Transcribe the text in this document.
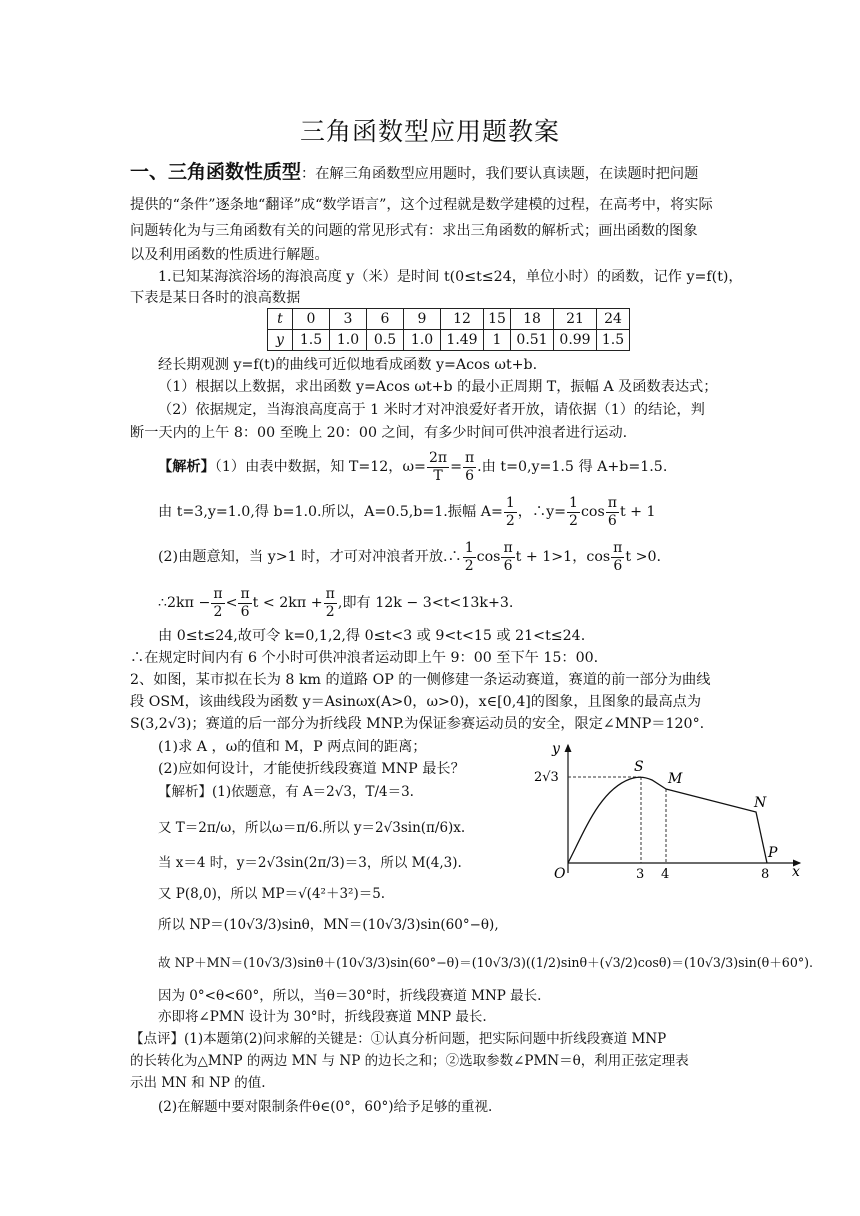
三角函数型应用题教案
一、三角函数性质型：在解三角函数型应用题时，我们要认真读题，在读题时把问题
提供的“条件”逐条地“翻译”成“数学语言”，这个过程就是数学建模的过程，在高考中，将实际
问题转化为与三角函数有关的问题的常见形式有：求出三角函数的解析式；画出函数的图象
以及利用函数的性质进行解题。
1.已知某海滨浴场的海浪高度 y（米）是时间 t(0≤t≤24，单位小时）的函数，记作 y=f(t)，
下表是某日各时的浪高数据
t	0	3	6	9	12	15	18	21	24
y	1.5	1.0	0.5	1.0	1.49	1	0.51	0.99	1.5
经长期观测 y=f(t)的曲线可近似地看成函数 y=Acos ωt+b.
（1）根据以上数据，求出函数 y=Acos ωt+b 的最小正周期 T，振幅 A 及函数表达式；
（2）依据规定，当海浪高度高于 1 米时才对冲浪爱好者开放，请依据（1）的结论，判
断一天内的上午 8：00 至晚上 20：00 之间，有多少时间可供冲浪者进行运动.
【解析】（1）由表中数据，知 T=12，$\omega= \frac{2\pi}{T} = \frac{\pi}{6}$ .由 t=0,y=1.5 得 A+b=1.5.
由 t=3,y=1.0,得 b=1.0.所以，A=0.5,b=1.振幅 $A= \frac{1}{2}$ ，∴y= $\frac{1}{2}$ $\cos \frac{\pi}{6}$ t + 1
(2)由题意知，当 y>1 时，才可对冲浪者开放.∴ $\frac{1}{2}$ $\cos \frac{\pi}{6}$ t + 1>1，$\cos \frac{\pi}{6}$ t >0.
∴2kπ − $\frac{\pi}{2} < \frac{\pi}{6}$ $t < 2k\pi + \frac{\pi}{2}$ ,即有 12k − 3<t<13k+3.
由 0≤t≤24,故可令 k=0,1,2,得 0≤t<3 或 9<t<15 或 21<t≤24.
∴在规定时间内有 6 个小时可供冲浪者运动即上午 9：00 至下午 15：00.
2、如图，某市拟在长为 8 km 的道路 OP 的一侧修建一条运动赛道，赛道的前一部分为曲线
段 OSM，该曲线段为函数 y＝Asinωx(A>0，ω>0)，x∈[0,4]的图象，且图象的最高点为
S(3,2√3)；赛道的后一部分为折线段 MNP.为保证参赛运动员的安全，限定∠MNP＝120°.
(1)求 A ，ω的值和 M，P 两点间的距离；
(2)应如何设计，才能使折线段赛道 MNP 最长？
【解析】(1)依题意，有 A＝2√3，T/4＝3.
又 T＝2π/ω，所以ω＝π/6.所以 y＝2√3sin(π/6)x.
当 x＝4 时，y＝2√3sin(2π/3)＝3，所以 M(4,3).
又 P(8,0)，所以 MP＝√(4²＋3²)＝5.
所以 NP＝(10√3/3)sinθ，MN＝(10√3/3)sin(60°−θ),
故 NP＋MN＝(10√3/3)sinθ＋(10√3/3)sin(60°−θ)＝(10√3/3)((1/2)sinθ＋(√3/2)cosθ)＝(10√3/3)sin(θ＋60°).
因为 0°<θ<60°，所以，当θ＝30°时，折线段赛道 MNP 最长.
亦即将∠PMN 设计为 30°时，折线段赛道 MNP 最长.
【点评】(1)本题第(2)问求解的关键是：①认真分析问题，把实际问题中折线段赛道 MNP
的长转化为△MNP 的两边 MN 与 NP 的边长之和；②选取参数∠PMN＝θ，利用正弦定理表
示出 MN 和 NP 的值.
(2)在解题中要对限制条件θ∈(0°，60°)给予足够的重视.
y
x
O
2√3
3 4	8
S
M
N
P
